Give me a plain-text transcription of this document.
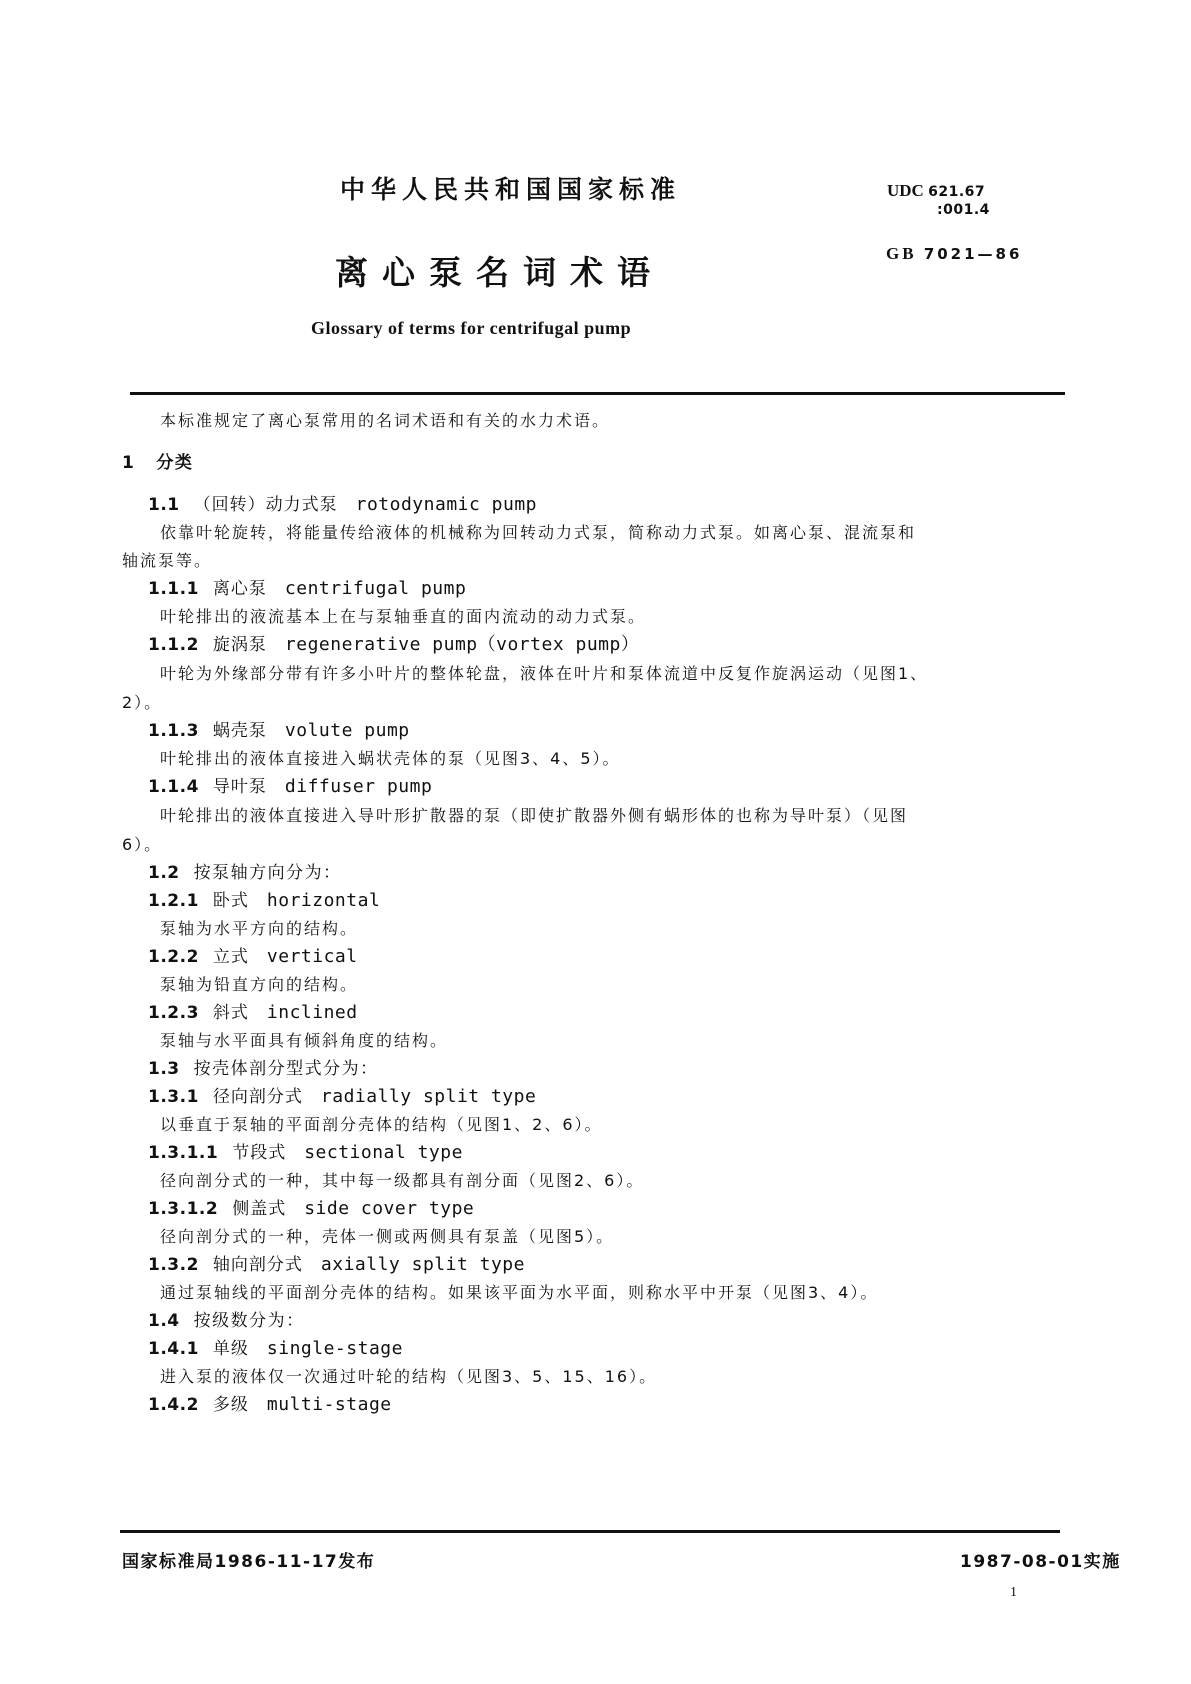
中华人民共和国国家标准
离心泵名词术语
Glossary of terms for centrifugal pump
UDC 621.67
:001.4
GB 7021—86
本标准规定了离心泵常用的名词术语和有关的水力术语。
1 分类
1.1 （回转）动力式泵 rotodynamic pump
依靠叶轮旋转，将能量传给液体的机械称为回转动力式泵，简称动力式泵。如离心泵、混流泵和
轴流泵等。
1.1.1 离心泵 centrifugal pump
叶轮排出的液流基本上在与泵轴垂直的面内流动的动力式泵。
1.1.2 旋涡泵 regenerative pump（vortex pump）
叶轮为外缘部分带有许多小叶片的整体轮盘，液体在叶片和泵体流道中反复作旋涡运动（见图1、
2）。
1.1.3 蜗壳泵 volute pump
叶轮排出的液体直接进入蜗状壳体的泵（见图3、4、5）。
1.1.4 导叶泵 diffuser pump
叶轮排出的液体直接进入导叶形扩散器的泵（即使扩散器外侧有蜗形体的也称为导叶泵）（见图
6）。
1.2 按泵轴方向分为：
1.2.1 卧式 horizontal
泵轴为水平方向的结构。
1.2.2 立式 vertical
泵轴为铅直方向的结构。
1.2.3 斜式 inclined
泵轴与水平面具有倾斜角度的结构。
1.3 按壳体剖分型式分为：
1.3.1 径向剖分式 radially split type
以垂直于泵轴的平面剖分壳体的结构（见图1、2、6）。
1.3.1.1 节段式 sectional type
径向剖分式的一种，其中每一级都具有剖分面（见图2、6）。
1.3.1.2 侧盖式 side cover type
径向剖分式的一种，壳体一侧或两侧具有泵盖（见图5）。
1.3.2 轴向剖分式 axially split type
通过泵轴线的平面剖分壳体的结构。如果该平面为水平面，则称水平中开泵（见图3、4）。
1.4 按级数分为：
1.4.1 单级 single-stage
进入泵的液体仅一次通过叶轮的结构（见图3、5、15、16）。
1.4.2 多级 multi-stage
国家标准局1986-11-17发布	1987-08-01实施
1
